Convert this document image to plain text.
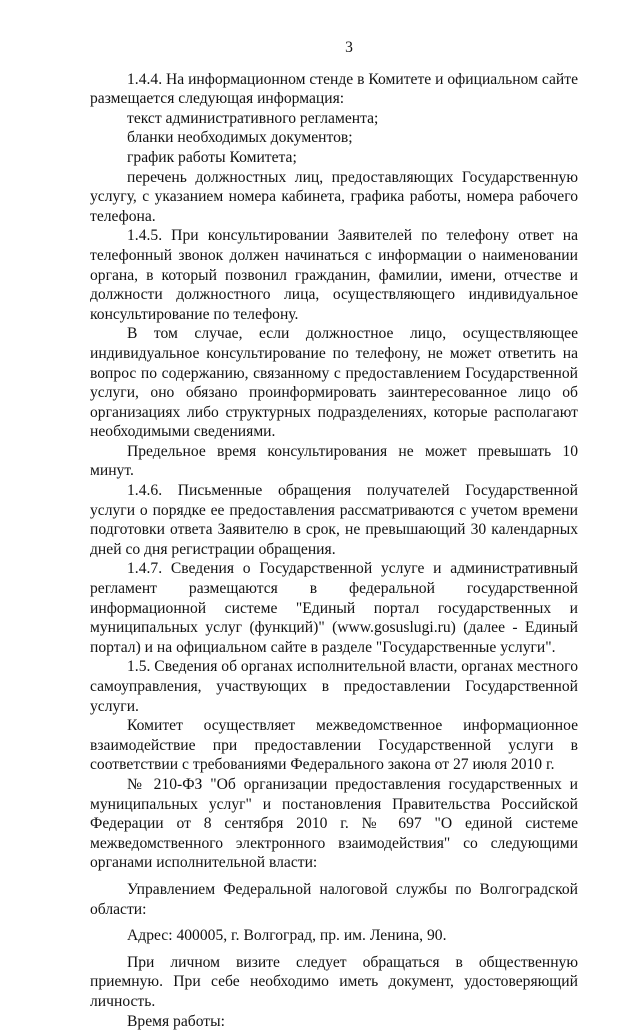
3

1.4.4. На информационном стенде в Комитете и официальном сайте размещается следующая информация:

текст административного регламента;

бланки необходимых документов;

график работы Комитета;

перечень должностных лиц, предоставляющих Государственную услугу, с указанием номера кабинета, графика работы, номера рабочего телефона.

1.4.5. При консультировании Заявителей по телефону ответ на телефонный звонок должен начинаться с информации о наименовании органа, в который позвонил гражданин, фамилии, имени, отчестве и должности должностного лица, осуществляющего индивидуальное консультирование по телефону.

В том случае, если должностное лицо, осуществляющее индивидуальное консультирование по телефону, не может ответить на вопрос по содержанию, связанному с предоставлением Государственной услуги, оно обязано проинформировать заинтересованное лицо об организациях либо структурных подразделениях, которые располагают необходимыми сведениями.

Предельное время консультирования не может превышать 10 минут.

1.4.6. Письменные обращения получателей Государственной услуги о порядке ее предоставления рассматриваются с учетом времени подготовки ответа Заявителю в срок, не превышающий 30 календарных дней со дня регистрации обращения.

1.4.7. Сведения о Государственной услуге и административный регламент размещаются в федеральной государственной информационной системе "Единый портал государственных и муниципальных услуг (функций)" (www.gosuslugi.ru) (далее - Единый портал) и на официальном сайте в разделе "Государственные услуги".

1.5. Сведения об органах исполнительной власти, органах местного самоуправления, участвующих в предоставлении Государственной услуги.

Комитет осуществляет межведомственное информационное взаимодействие при предоставлении Государственной услуги в соответствии с требованиями Федерального закона от 27 июля 2010 г.

№ 210-ФЗ "Об организации предоставления государственных и муниципальных услуг" и постановления Правительства Российской Федерации от 8 сентября 2010 г. № 697 "О единой системе межведомственного электронного взаимодействия" со следующими органами исполнительной власти:

Управлением Федеральной налоговой службы по Волгоградской области:

Адрес: 400005, г. Волгоград, пр. им. Ленина, 90.

При личном визите следует обращаться в общественную приемную. При себе необходимо иметь документ, удостоверяющий личность.

Время работы:
